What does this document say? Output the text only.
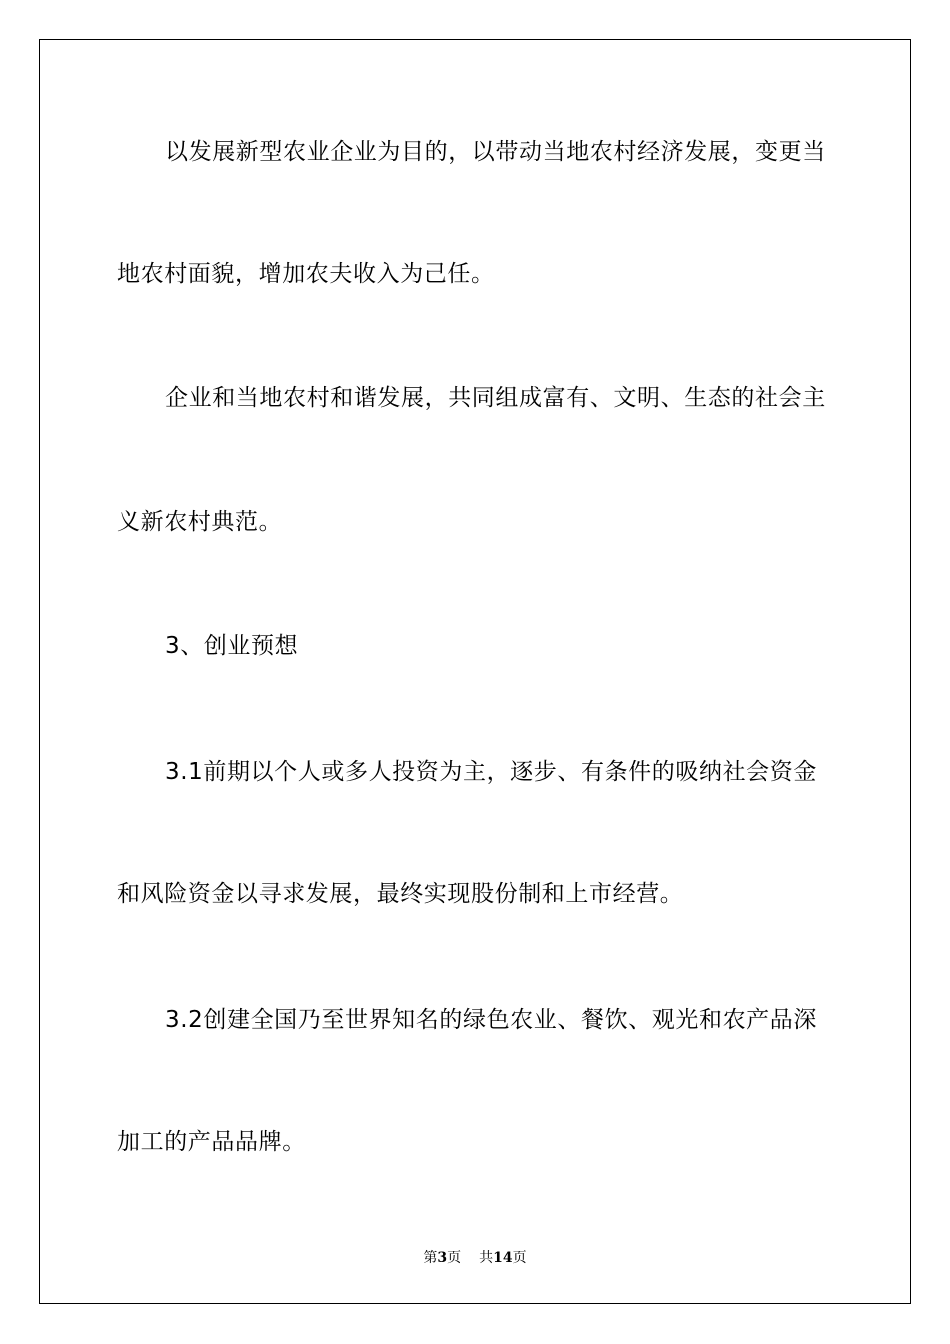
以发展新型农业企业为目的，以带动当地农村经济发展，变更当
地农村面貌，增加农夫收入为己任。
企业和当地农村和谐发展，共同组成富有、文明、生态的社会主
义新农村典范。
3、创业预想
3.1前期以个人或多人投资为主，逐步、有条件的吸纳社会资金
和风险资金以寻求发展，最终实现股份制和上市经营。
3.2创建全国乃至世界知名的绿色农业、餐饮、观光和农产品深
加工的产品品牌。
第3页 共14页
